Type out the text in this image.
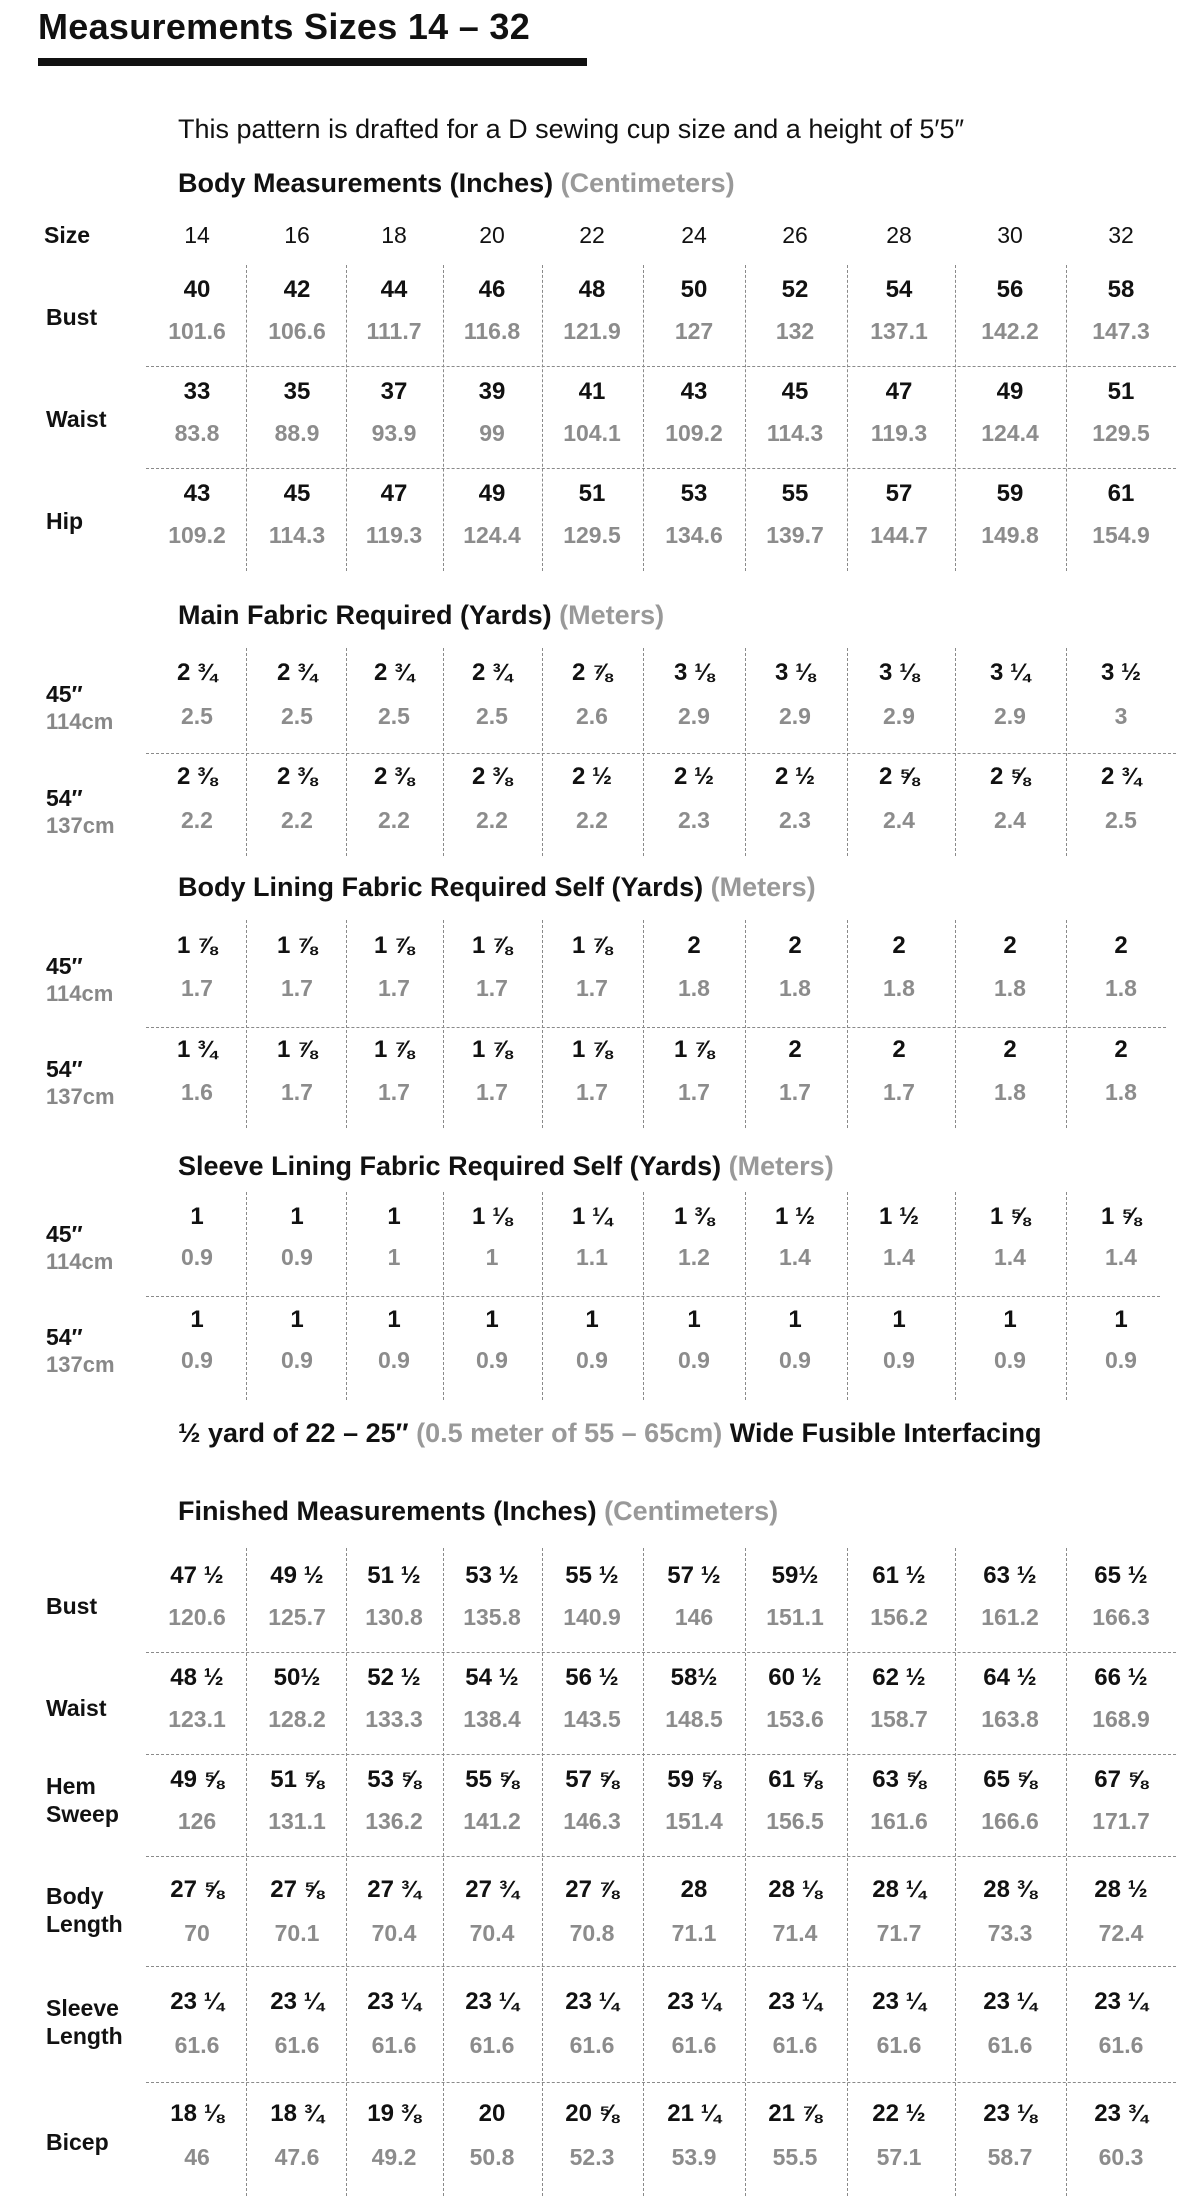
Measurements Sizes 14 – 32
This pattern is drafted for a D sewing cup size and a height of 5′5″
½ yard of 22 – 25″ (0.5 meter of 55 – 65cm) Wide Fusible Interfacing
Size	14	16	18	20	22	24	26	28	30	32
Body Measurements (Inches) (Centimeters)
Bust
40	42	44	46	48	50	52	54	56	58
101.6	106.6	111.7	116.8	121.9	127	132	137.1	142.2	147.3
Waist
33	35	37	39	41	43	45	47	49	51
83.8	88.9	93.9	99	104.1	109.2	114.3	119.3	124.4	129.5
Hip
43	45	47	49	51	53	55	57	59	61
109.2	114.3	119.3	124.4	129.5	134.6	139.7	144.7	149.8	154.9
Main Fabric Required (Yards) (Meters)
45″
114cm
2 ¾	2 ¾	2 ¾	2 ¾	2 ⅞	3 ⅛	3 ⅛	3 ⅛	3 ¼	3 ½
2.5	2.5	2.5	2.5	2.6	2.9	2.9	2.9	2.9	3
54″
137cm
2 ⅜	2 ⅜	2 ⅜	2 ⅜	2 ½	2 ½	2 ½	2 ⅝	2 ⅝	2 ¾
2.2	2.2	2.2	2.2	2.2	2.3	2.3	2.4	2.4	2.5
Body Lining Fabric Required Self (Yards) (Meters)
45″
114cm
1 ⅞	1 ⅞	1 ⅞	1 ⅞	1 ⅞	2	2	2	2	2
1.7	1.7	1.7	1.7	1.7	1.8	1.8	1.8	1.8	1.8
54″
137cm
1 ¾	1 ⅞	1 ⅞	1 ⅞	1 ⅞	1 ⅞	2	2	2	2
1.6	1.7	1.7	1.7	1.7	1.7	1.7	1.7	1.8	1.8
Sleeve Lining Fabric Required Self (Yards) (Meters)
45″
114cm
1	1	1	1 ⅛	1 ¼	1 ⅜	1 ½	1 ½	1 ⅝	1 ⅝
0.9	0.9	1	1	1.1	1.2	1.4	1.4	1.4	1.4
54″
137cm
1	1	1	1	1	1	1	1	1	1
0.9	0.9	0.9	0.9	0.9	0.9	0.9	0.9	0.9	0.9
Finished Measurements (Inches) (Centimeters)
Bust
47 ½	49 ½	51 ½	53 ½	55 ½	57 ½	59½	61 ½	63 ½	65 ½
120.6	125.7	130.8	135.8	140.9	146	151.1	156.2	161.2	166.3
Waist
48 ½	50½	52 ½	54 ½	56 ½	58½	60 ½	62 ½	64 ½	66 ½
123.1	128.2	133.3	138.4	143.5	148.5	153.6	158.7	163.8	168.9
Hem Sweep
49 ⅝	51 ⅝	53 ⅝	55 ⅝	57 ⅝	59 ⅝	61 ⅝	63 ⅝	65 ⅝	67 ⅝
126	131.1	136.2	141.2	146.3	151.4	156.5	161.6	166.6	171.7
Body Length
27 ⅝	27 ⅝	27 ¾	27 ¾	27 ⅞	28	28 ⅛	28 ¼	28 ⅜	28 ½
70	70.1	70.4	70.4	70.8	71.1	71.4	71.7	73.3	72.4
Sleeve Length
23 ¼	23 ¼	23 ¼	23 ¼	23 ¼	23 ¼	23 ¼	23 ¼	23 ¼	23 ¼
61.6	61.6	61.6	61.6	61.6	61.6	61.6	61.6	61.6	61.6
Bicep
18 ⅛	18 ¾	19 ⅜	20	20 ⅝	21 ¼	21 ⅞	22 ½	23 ⅛	23 ¾
46	47.6	49.2	50.8	52.3	53.9	55.5	57.1	58.7	60.3
